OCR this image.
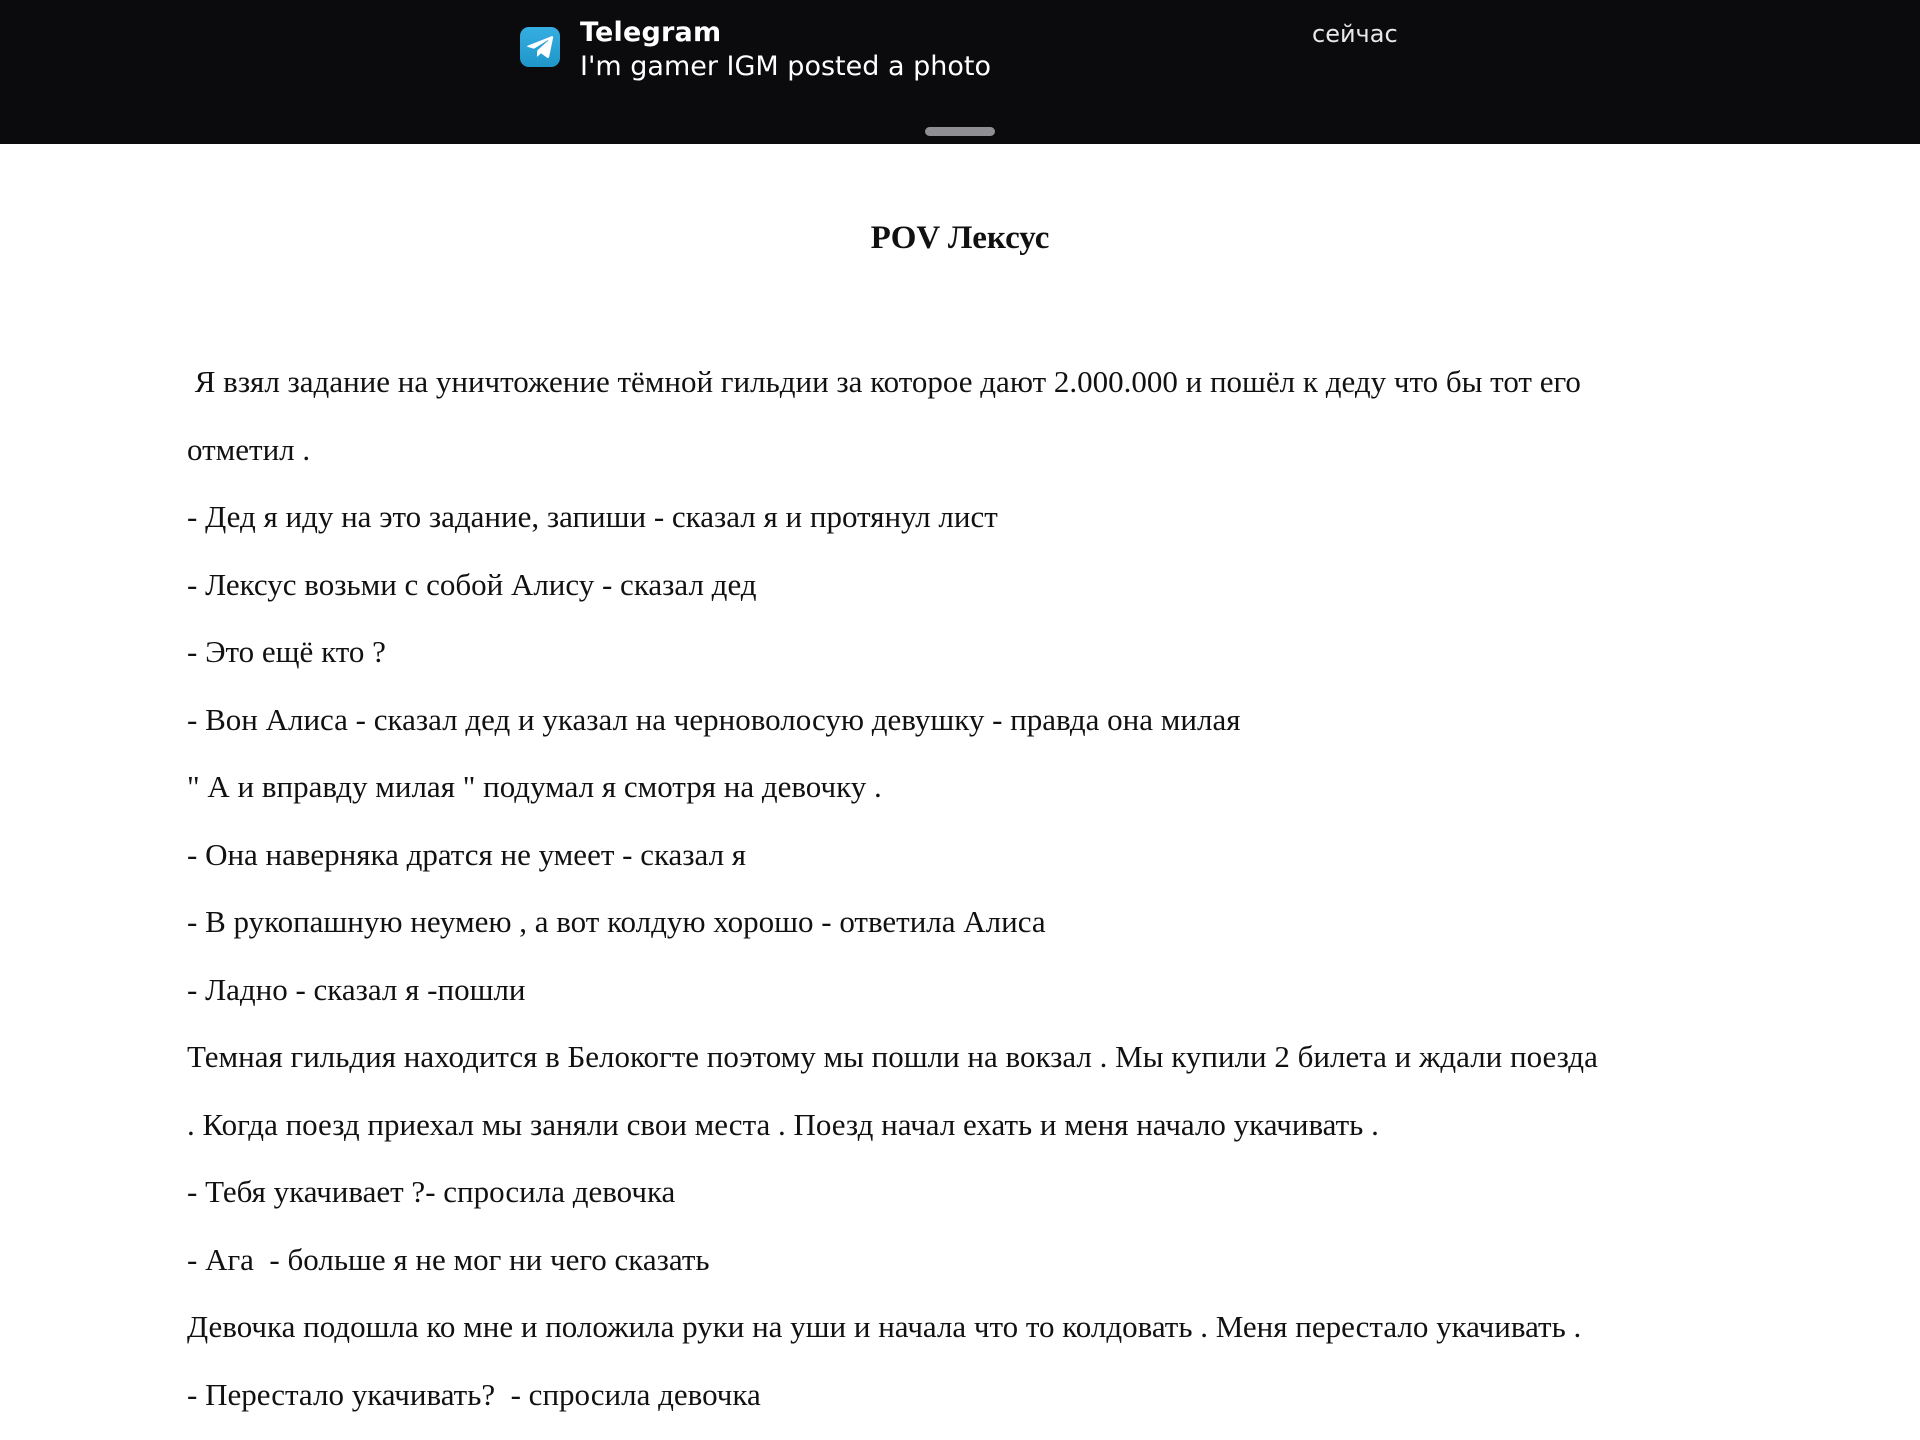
Telegram
I'm gamer IGM posted a photo
сейчас
POV Лексус
Я взял задание на уничтожение тёмной гильдии за которое дают 2.000.000 и пошёл к деду что бы тот его
отметил .
- Дед я иду на это задание, запиши - сказал я и протянул лист
- Лексус возьми с собой Алису - сказал дед
- Это ещё кто ?
- Вон Алиса - сказал дед и указал на черноволосую девушку - правда она милая
" А и вправду милая " подумал я смотря на девочку .
- Она наверняка дратся не умеет - сказал я
- В рукопашную неумею , а вот колдую хорошо - ответила Алиса
- Ладно - сказал я -пошли
Темная гильдия находится в Белокогте поэтому мы пошли на вокзал . Мы купили 2 билета и ждали поезда
. Когда поезд приехал мы заняли свои места . Поезд начал ехать и меня начало укачивать .
- Тебя укачивает ?- спросила девочка
- Ага  - больше я не мог ни чего сказать
Девочка подошла ко мне и положила руки на уши и начала что то колдовать . Меня перестало укачивать .
- Перестало укачивать?  - спросила девочка
